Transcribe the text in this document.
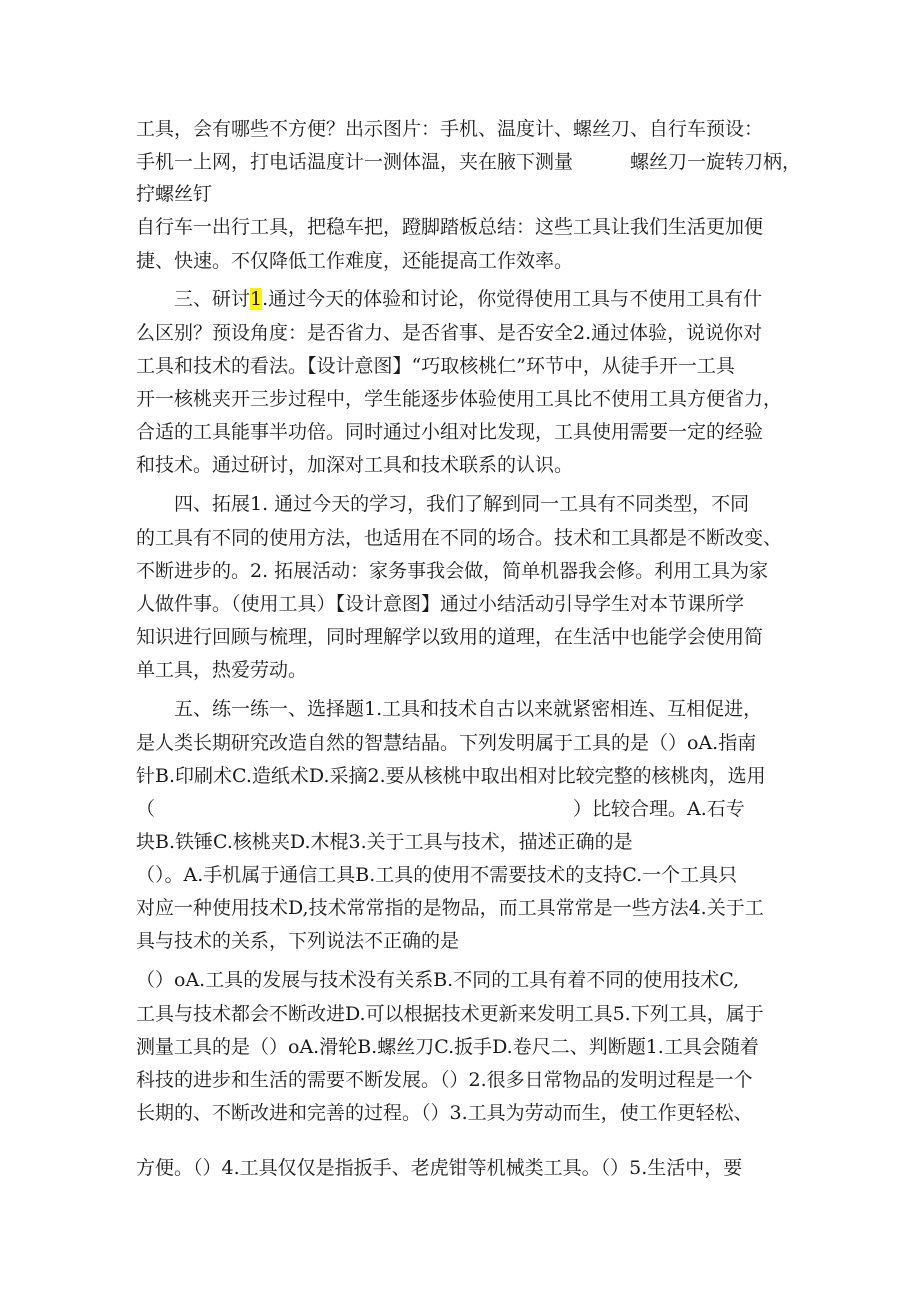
工具，会有哪些不方便？出示图片：手机、温度计、螺丝刀、自行车预设：
手机一上网，打电话温度计一测体温，夹在腋下测量　　　螺丝刀一旋转刀柄，
拧螺丝钉
自行车一出行工具，把稳车把，蹬脚踏板总结：这些工具让我们生活更加便
捷、快速。不仅降低工作难度，还能提高工作效率。
　　三、研讨1.通过今天的体验和讨论，你觉得使用工具与不使用工具有什
么区别？预设角度：是否省力、是否省事、是否安全2.通过体验，说说你对
工具和技术的看法。【设计意图】“巧取核桃仁”环节中，从徒手开一工具
开一核桃夹开三步过程中，学生能逐步体验使用工具比不使用工具方便省力，
合适的工具能事半功倍。同时通过小组对比发现，工具使用需要一定的经验
和技术。通过研讨，加深对工具和技术联系的认识。
　　四、拓展1. 通过今天的学习，我们了解到同一工具有不同类型，不同
的工具有不同的使用方法，也适用在不同的场合。技术和工具都是不断改变、
不断进步的。2. 拓展活动：家务事我会做，简单机器我会修。利用工具为家
人做件事。（使用工具）【设计意图】通过小结活动引导学生对本节课所学
知识进行回顾与梳理，同时理解学以致用的道理，在生活中也能学会使用简
单工具，热爱劳动。
　　五、练一练一、选择题1.工具和技术自古以来就紧密相连、互相促进，
是人类长期研究改造自然的智慧结晶。下列发明属于工具的是（）oA.指南
针B.印刷术C.造纸术D.采摘2.要从核桃中取出相对比较完整的核桃肉，选用
（　　　　　　　　　　　　　　　　　　　　　　）比较合理。A.石专
块B.铁锤C.核桃夹D.木棍3.关于工具与技术，描述正确的是
（）。A.手机属于通信工具B.工具的使用不需要技术的支持C.一个工具只
对应一种使用技术D,技术常常指的是物品，而工具常常是一些方法4.关于工
具与技术的关系，下列说法不正确的是
（）oA.工具的发展与技术没有关系B.不同的工具有着不同的使用技术C,
工具与技术都会不断改进D.可以根据技术更新来发明工具5.下列工具，属于
测量工具的是（）oA.滑轮B.螺丝刀C.扳手D.卷尺二、判断题1.工具会随着
科技的进步和生活的需要不断发展。（）2.很多日常物品的发明过程是一个
长期的、不断改进和完善的过程。（）3.工具为劳动而生，使工作更轻松、
方便。（）4.工具仅仅是指扳手、老虎钳等机械类工具。（）5.生活中，要
